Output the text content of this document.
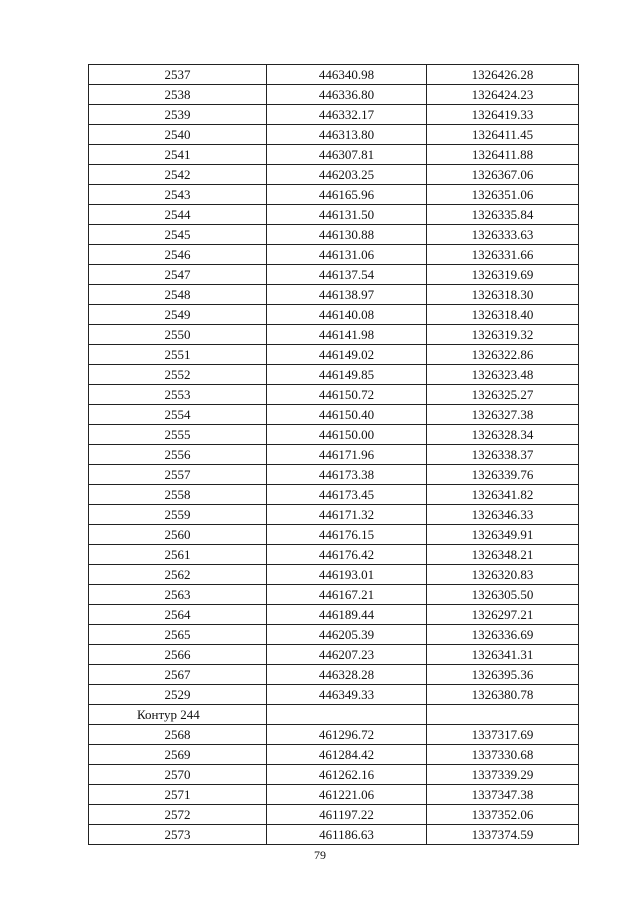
2537	446340.98	1326426.28
2538	446336.80	1326424.23
2539	446332.17	1326419.33
2540	446313.80	1326411.45
2541	446307.81	1326411.88
2542	446203.25	1326367.06
2543	446165.96	1326351.06
2544	446131.50	1326335.84
2545	446130.88	1326333.63
2546	446131.06	1326331.66
2547	446137.54	1326319.69
2548	446138.97	1326318.30
2549	446140.08	1326318.40
2550	446141.98	1326319.32
2551	446149.02	1326322.86
2552	446149.85	1326323.48
2553	446150.72	1326325.27
2554	446150.40	1326327.38
2555	446150.00	1326328.34
2556	446171.96	1326338.37
2557	446173.38	1326339.76
2558	446173.45	1326341.82
2559	446171.32	1326346.33
2560	446176.15	1326349.91
2561	446176.42	1326348.21
2562	446193.01	1326320.83
2563	446167.21	1326305.50
2564	446189.44	1326297.21
2565	446205.39	1326336.69
2566	446207.23	1326341.31
2567	446328.28	1326395.36
2529	446349.33	1326380.78
Контур 244		
2568	461296.72	1337317.69
2569	461284.42	1337330.68
2570	461262.16	1337339.29
2571	461221.06	1337347.38
2572	461197.22	1337352.06
2573	461186.63	1337374.59
79
